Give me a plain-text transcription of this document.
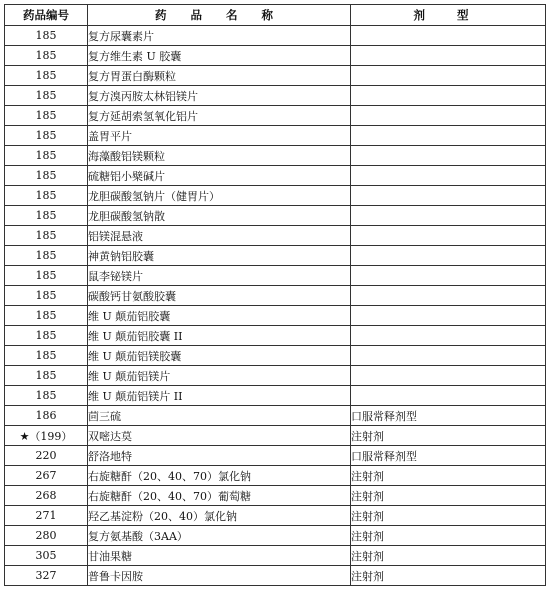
药品编号	药 品 名 称	剂 型
185	复方尿囊素片	
185	复方维生素 U 胶囊	
185	复方胃蛋白酶颗粒	
185	复方溴丙胺太林铝镁片	
185	复方延胡索氢氧化铝片	
185	盖胃平片	
185	海藻酸铝镁颗粒	
185	硫糖铝小檗碱片	
185	龙胆碳酸氢钠片（健胃片）	
185	龙胆碳酸氢钠散	
185	铝镁混悬液	
185	神黄钠铝胶囊	
185	鼠李铋镁片	
185	碳酸钙甘氨酸胶囊	
185	维 U 颠茄铝胶囊	
185	维 U 颠茄铝胶囊 II	
185	维 U 颠茄铝镁胶囊	
185	维 U 颠茄铝镁片	
185	维 U 颠茄铝镁片 II	
186	茴三硫	口服常释剂型
★（199）	双嘧达莫	注射剂
220	舒洛地特	口服常释剂型
267	右旋糖酐（20、40、70）氯化钠	注射剂
268	右旋糖酐（20、40、70）葡萄糖	注射剂
271	羟乙基淀粉（20、40）氯化钠	注射剂
280	复方氨基酸（3AA）	注射剂
305	甘油果糖	注射剂
327	普鲁卡因胺	注射剂
